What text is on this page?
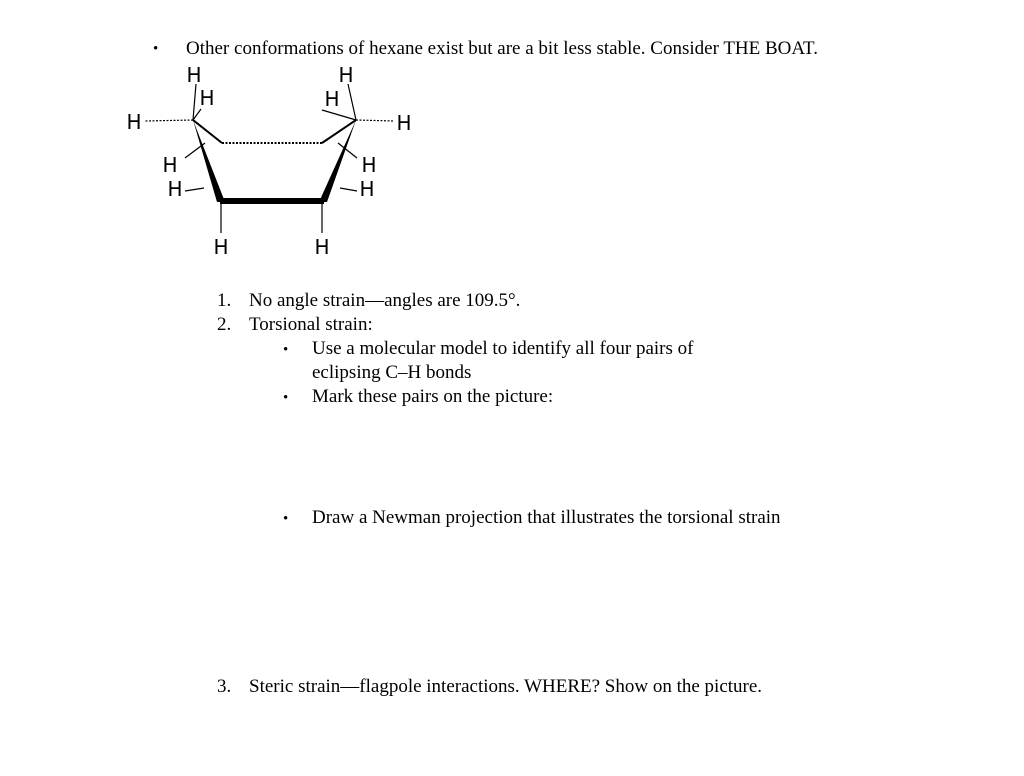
• Other conformations of hexane exist but are a bit less stable. Consider THE BOAT.
H
H
H
H
H	H
H
H
H
H
H	H
1. No angle strain—angles are 109.5°.
2. Torsional strain:
• Use a molecular model to identify all four pairs of
eclipsing C–H bonds
• Mark these pairs on the picture:
• Draw a Newman projection that illustrates the torsional strain
3. Steric strain—flagpole interactions. WHERE? Show on the picture.
